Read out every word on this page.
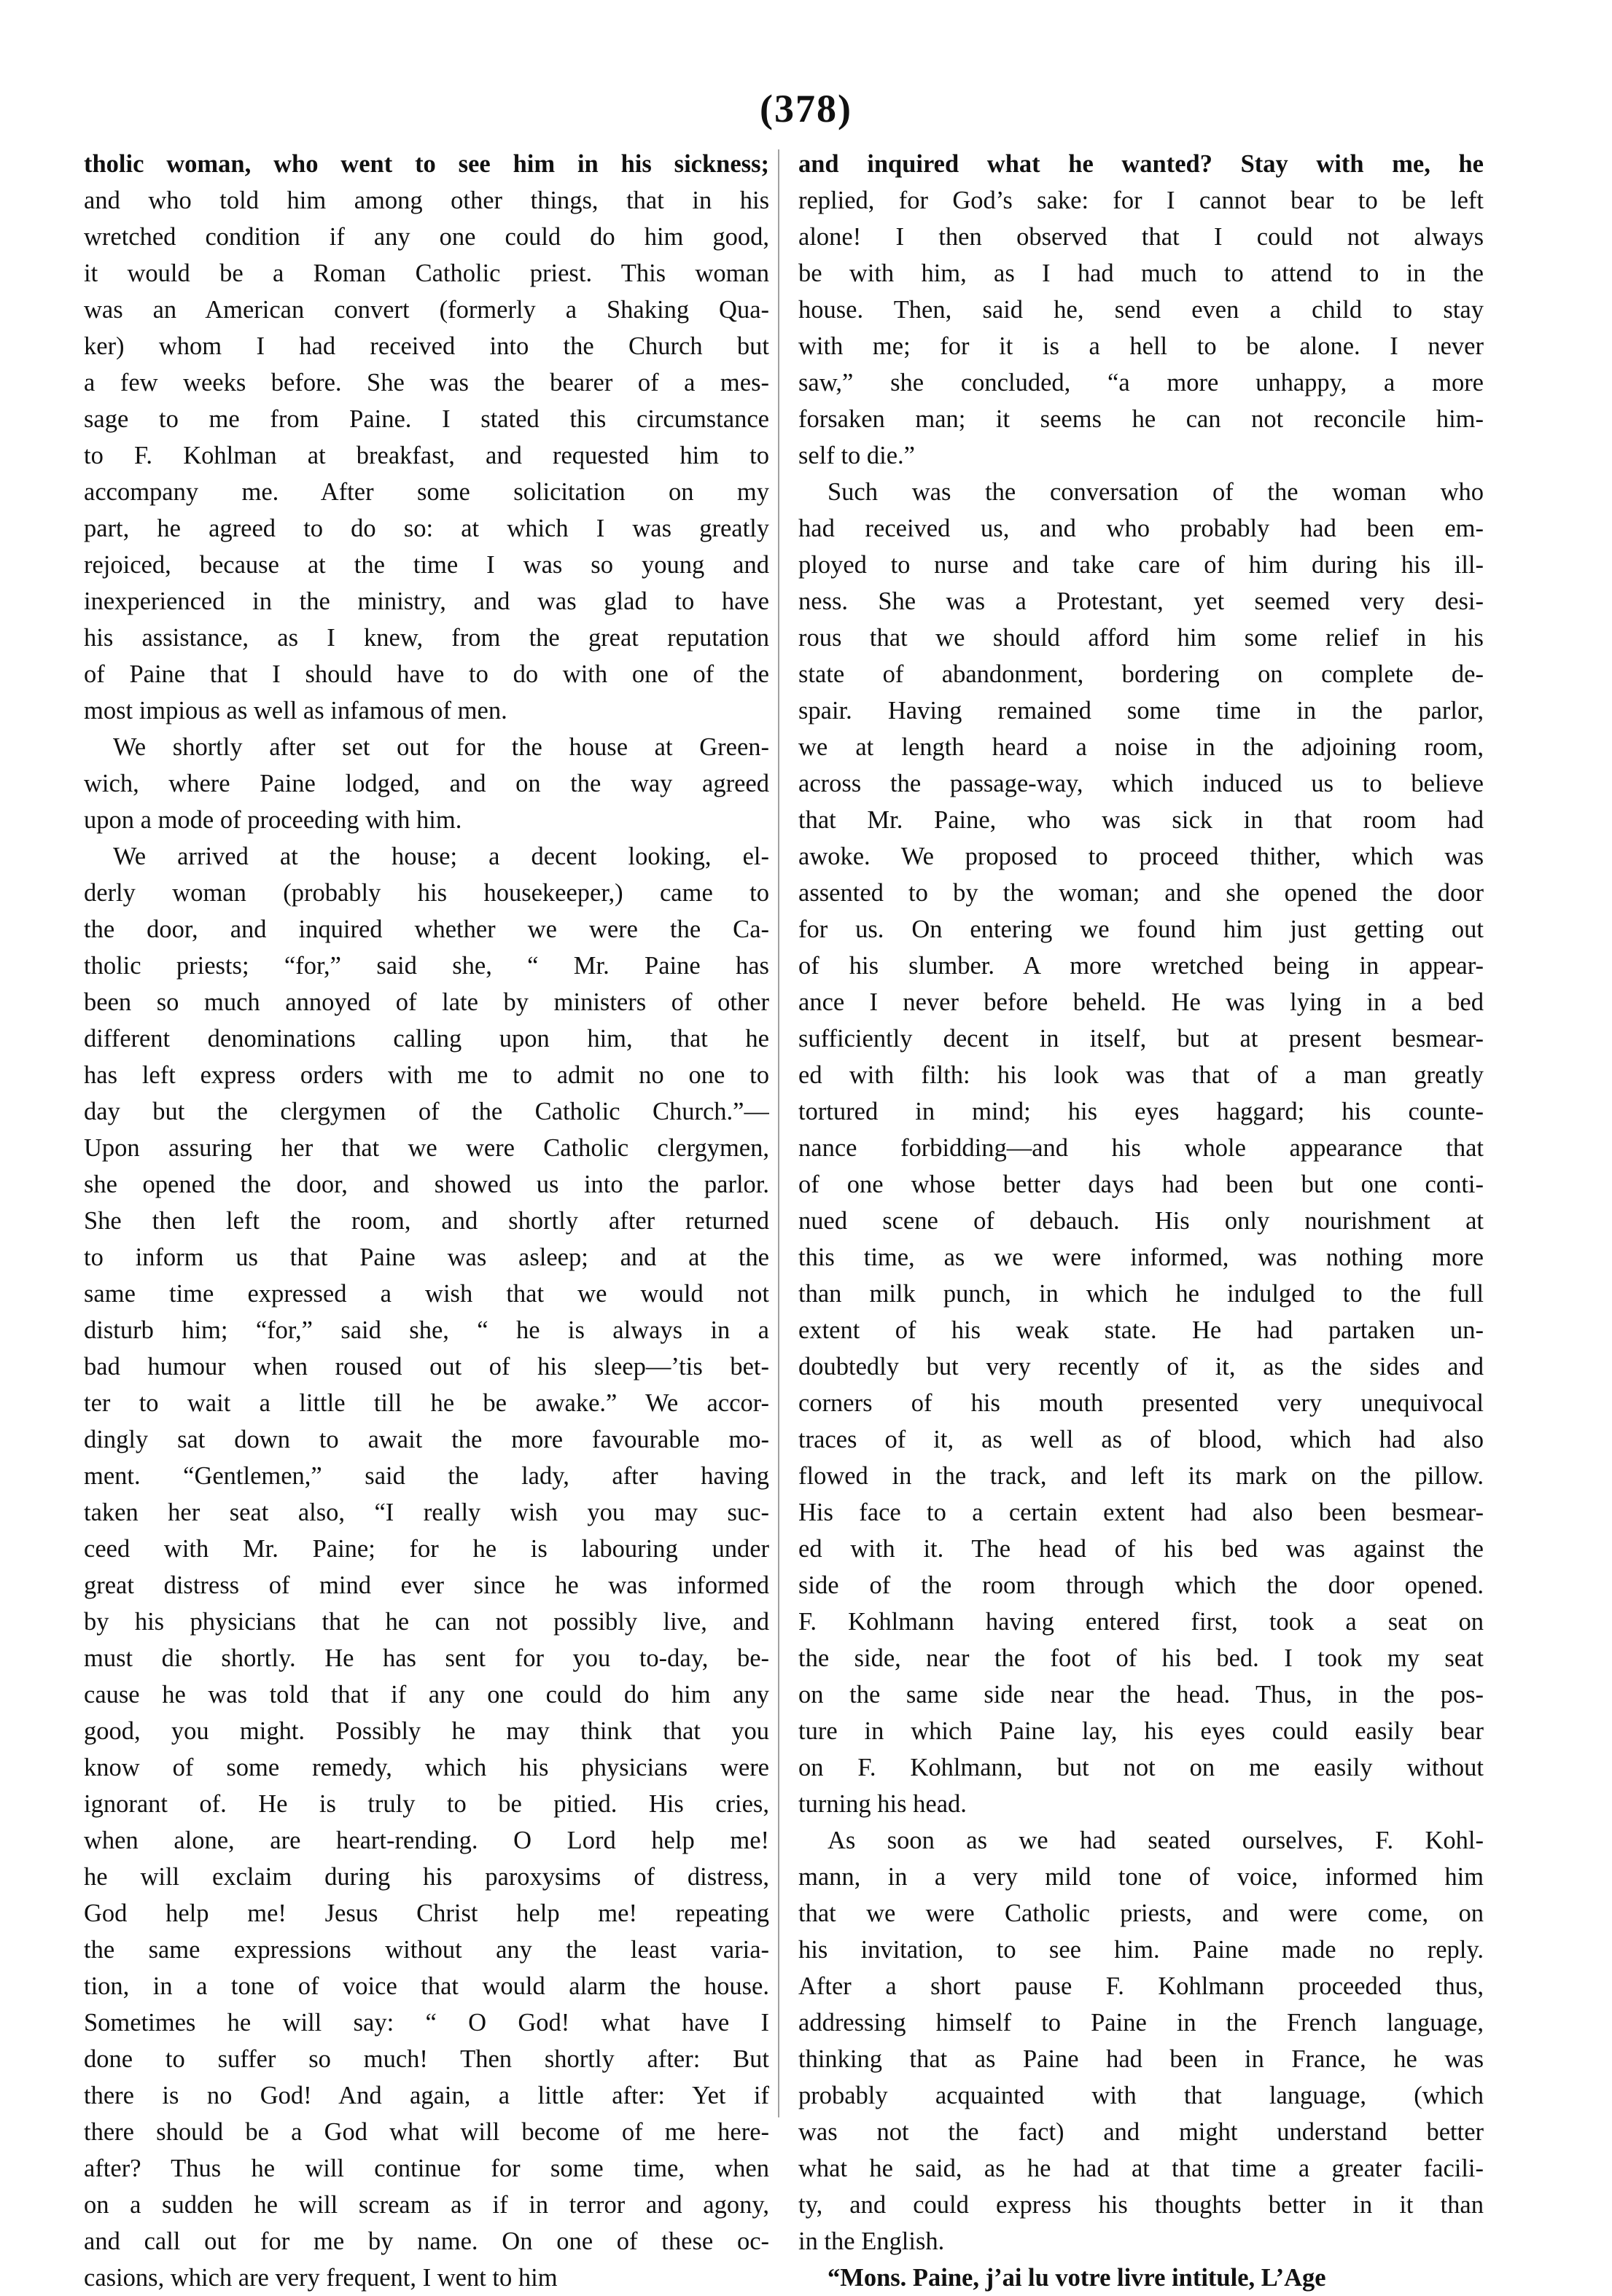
(378)
tholic woman, who went to see him in his sickness;
and who told him among other things, that in his
wretched condition if any one could do him good,
it would be a Roman Catholic priest. This woman
was an American convert (formerly a Shaking Qua-
ker) whom I had received into the Church but
a few weeks before. She was the bearer of a mes-
sage to me from Paine. I stated this circumstance
to F. Kohlman at breakfast, and requested him to
accompany me. After some solicitation on my
part, he agreed to do so: at which I was greatly
rejoiced, because at the time I was so young and
inexperienced in the ministry, and was glad to have
his assistance, as I knew, from the great reputation
of Paine that I should have to do with one of the
most impious as well as infamous of men.
We shortly after set out for the house at Green-
wich, where Paine lodged, and on the way agreed
upon a mode of proceeding with him.
We arrived at the house; a decent looking, el-
derly woman (probably his housekeeper,) came to
the door, and inquired whether we were the Ca-
tholic priests; “for,” said she, “ Mr. Paine has
been so much annoyed of late by ministers of other
different denominations calling upon him, that he
has left express orders with me to admit no one to
day but the clergymen of the Catholic Church.”—
Upon assuring her that we were Catholic clergymen,
she opened the door, and showed us into the parlor.
She then left the room, and shortly after returned
to inform us that Paine was asleep; and at the
same time expressed a wish that we would not
disturb him; “for,” said she, “ he is always in a
bad humour when roused out of his sleep—’tis bet-
ter to wait a little till he be awake.” We accor-
dingly sat down to await the more favourable mo-
ment. “Gentlemen,” said the lady, after having
taken her seat also, “I really wish you may suc-
ceed with Mr. Paine; for he is labouring under
great distress of mind ever since he was informed
by his physicians that he can not possibly live, and
must die shortly. He has sent for you to-day, be-
cause he was told that if any one could do him any
good, you might. Possibly he may think that you
know of some remedy, which his physicians were
ignorant of. He is truly to be pitied. His cries,
when alone, are heart-rending. O Lord help me!
he will exclaim during his paroxysims of distress,
God help me! Jesus Christ help me! repeating
the same expressions without any the least varia-
tion, in a tone of voice that would alarm the house.
Sometimes he will say: “ O God! what have I
done to suffer so much! Then shortly after: But
there is no God! And again, a little after: Yet if
there should be a God what will become of me here-
after? Thus he will continue for some time, when
on a sudden he will scream as if in terror and agony,
and call out for me by name. On one of these oc-
casions, which are very frequent, I went to him
and inquired what he wanted? Stay with me, he
replied, for God’s sake: for I cannot bear to be left
alone! I then observed that I could not always
be with him, as I had much to attend to in the
house. Then, said he, send even a child to stay
with me; for it is a hell to be alone. I never
saw,” she concluded, “a more unhappy, a more
forsaken man; it seems he can not reconcile him-
self to die.”
Such was the conversation of the woman who
had received us, and who probably had been em-
ployed to nurse and take care of him during his ill-
ness. She was a Protestant, yet seemed very desi-
rous that we should afford him some relief in his
state of abandonment, bordering on complete de-
spair. Having remained some time in the parlor,
we at length heard a noise in the adjoining room,
across the passage-way, which induced us to believe
that Mr. Paine, who was sick in that room had
awoke. We proposed to proceed thither, which was
assented to by the woman; and she opened the door
for us. On entering we found him just getting out
of his slumber. A more wretched being in appear-
ance I never before beheld. He was lying in a bed
sufficiently decent in itself, but at present besmear-
ed with filth: his look was that of a man greatly
tortured in mind; his eyes haggard; his counte-
nance forbidding—and his whole appearance that
of one whose better days had been but one conti-
nued scene of debauch. His only nourishment at
this time, as we were informed, was nothing more
than milk punch, in which he indulged to the full
extent of his weak state. He had partaken un-
doubtedly but very recently of it, as the sides and
corners of his mouth presented very unequivocal
traces of it, as well as of blood, which had also
flowed in the track, and left its mark on the pillow.
His face to a certain extent had also been besmear-
ed with it. The head of his bed was against the
side of the room through which the door opened.
F. Kohlmann having entered first, took a seat on
the side, near the foot of his bed. I took my seat
on the same side near the head. Thus, in the pos-
ture in which Paine lay, his eyes could easily bear
on F. Kohlmann, but not on me easily without
turning his head.
As soon as we had seated ourselves, F. Kohl-
mann, in a very mild tone of voice, informed him
that we were Catholic priests, and were come, on
his invitation, to see him. Paine made no reply.
After a short pause F. Kohlmann proceeded thus,
addressing himself to Paine in the French language,
thinking that as Paine had been in France, he was
probably acquainted with that language, (which
was not the fact) and might understand better
what he said, as he had at that time a greater facili-
ty, and could express his thoughts better in it than
in the English.
“Mons. Paine, j’ai lu votre livre intitule, L’Age
